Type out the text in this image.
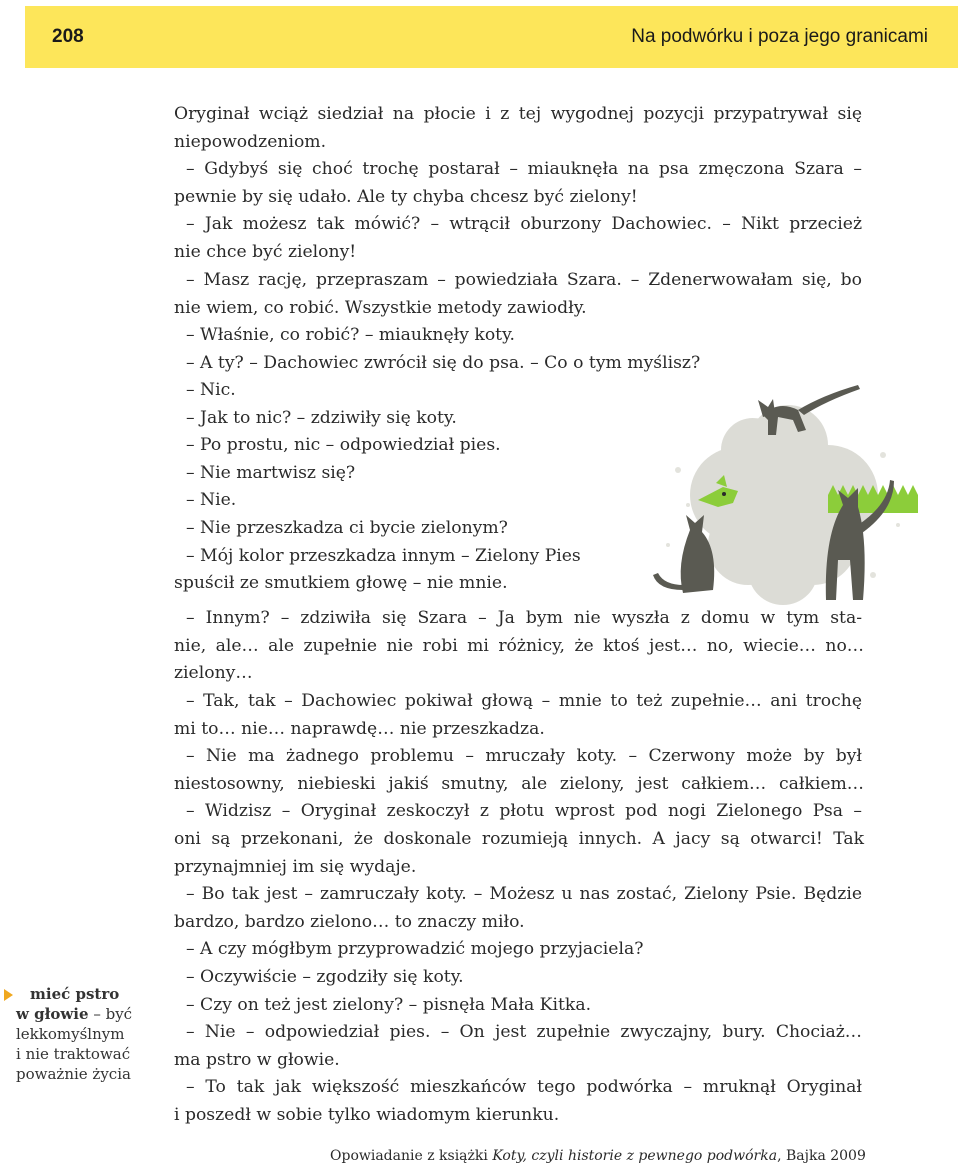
208	Na podwórku i poza jego granicami

Oryginał wciąż siedział na płocie i z tej wygodnej pozycji przypatrywał się

niepowodzeniom.

– Gdybyś się choć trochę postarał – miauknęła na psa zmęczona Szara –

pewnie by się udało. Ale ty chyba chcesz być zielony!

– Jak możesz tak mówić? – wtrącił oburzony Dachowiec. – Nikt przecież

nie chce być zielony!

– Masz rację, przepraszam – powiedziała Szara. – Zdenerwowałam się, bo

nie wiem, co robić. Wszystkie metody zawiodły.

– Właśnie, co robić? – miauknęły koty.

– A ty? – Dachowiec zwrócił się do psa. – Co o tym myślisz?

– Nic.

– Jak to nic? – zdziwiły się koty.

– Po prostu, nic – odpowiedział pies.

– Nie martwisz się?

– Nie.

– Nie przeszkadza ci bycie zielonym?

– Mój kolor przeszkadza innym – Zielony Pies

spuścił ze smutkiem głowę – nie mnie.

– Innym? – zdziwiła się Szara – Ja bym nie wyszła z domu w tym sta-

nie, ale… ale zupełnie nie robi mi różnicy, że ktoś jest… no, wiecie… no…

zielony…

– Tak, tak – Dachowiec pokiwał głową – mnie to też zupełnie… ani trochę

mi to… nie… naprawdę… nie przeszkadza.

– Nie ma żadnego problemu – mruczały koty. – Czerwony może by był

niestosowny, niebieski jakiś smutny, ale zielony, jest całkiem… całkiem…

– Widzisz – Oryginał zeskoczył z płotu wprost pod nogi Zielonego Psa –

oni są przekonani, że doskonale rozumieją innych. A jacy są otwarci! Tak

przynajmniej im się wydaje.

– Bo tak jest – zamruczały koty. – Możesz u nas zostać, Zielony Psie. Będzie

bardzo, bardzo zielono… to znaczy miło.

– A czy mógłbym przyprowadzić mojego przyjaciela?

– Oczywiście – zgodziły się koty.

– Czy on też jest zielony? – pisnęła Mała Kitka.

– Nie – odpowiedział pies. – On jest zupełnie zwyczajny, bury. Chociaż…

ma pstro w głowie.

– To tak jak większość mieszkańców tego podwórka – mruknął Oryginał

i poszedł w sobie tylko wiadomym kierunku.

mieć pstro
w głowie – być
lekkomyślnym
i nie traktować
poważnie życia
Opowiadanie z książki Koty, czyli historie z pewnego podwórka, Bajka 2009
